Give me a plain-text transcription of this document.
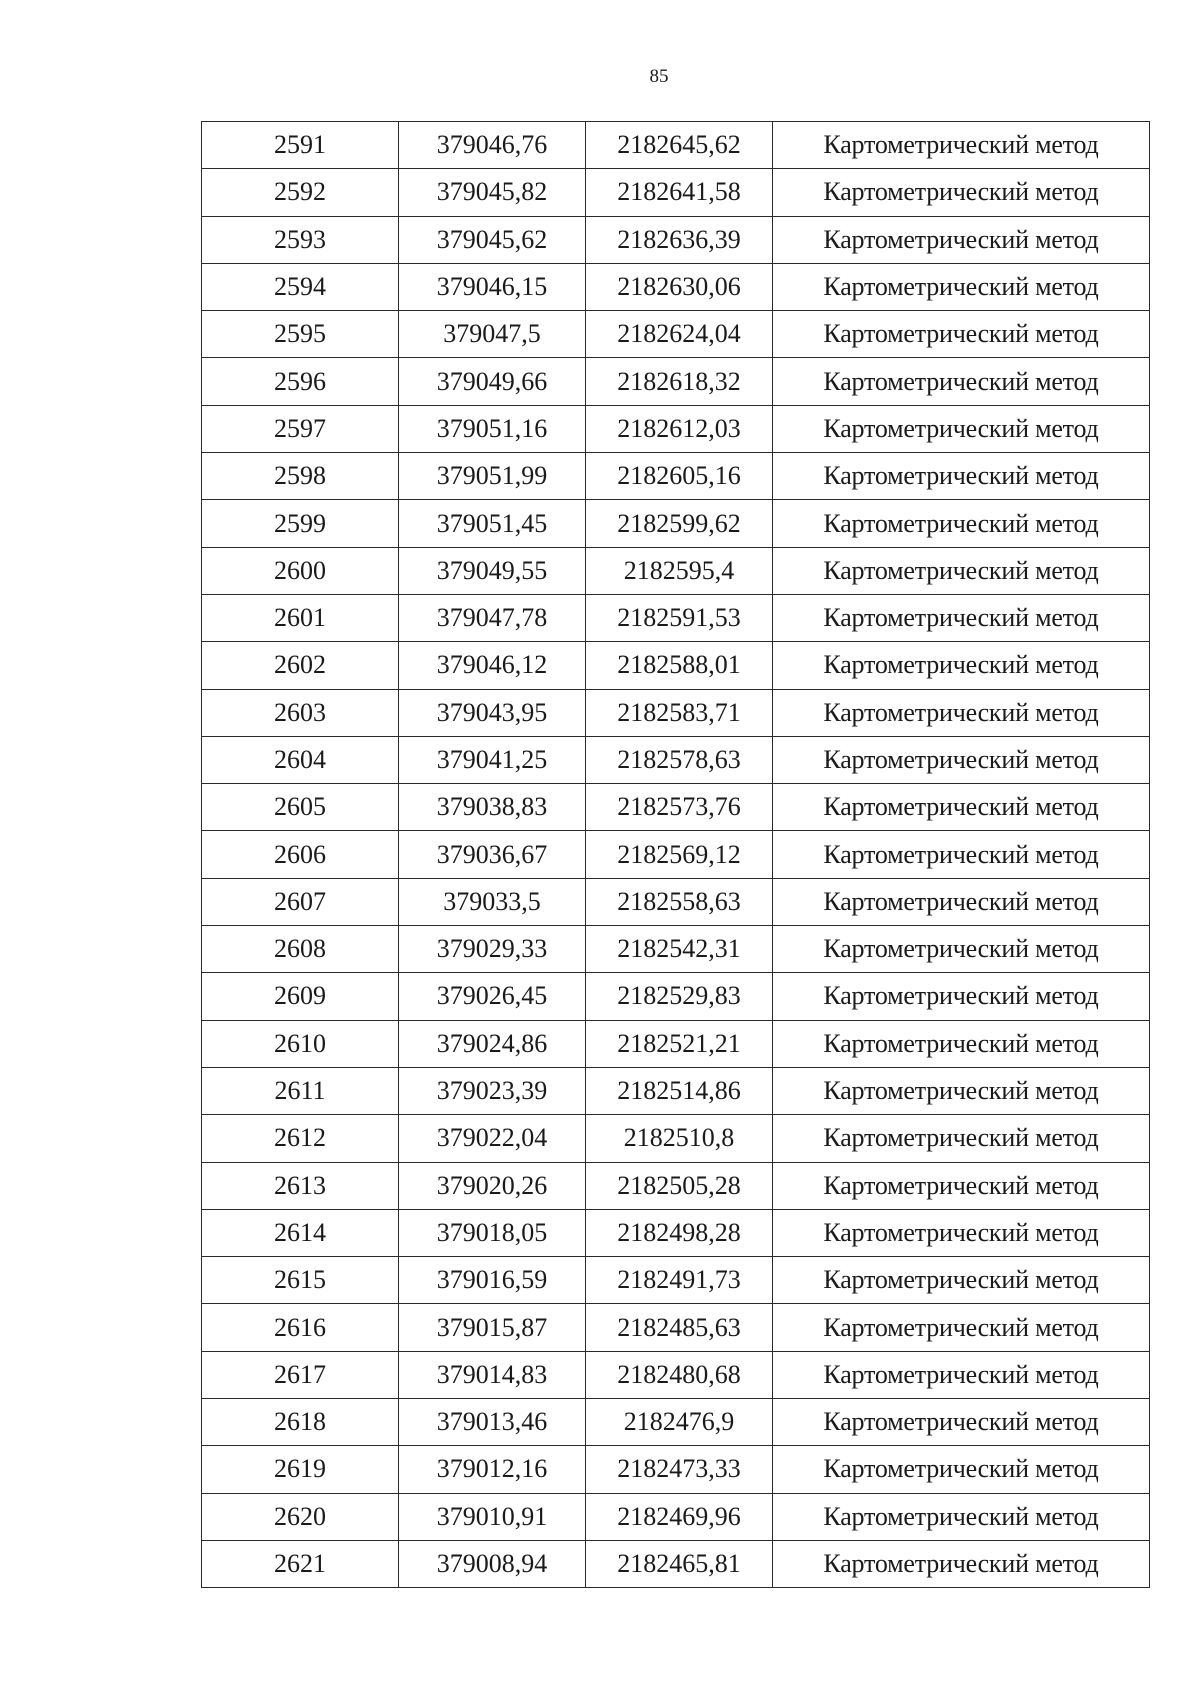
85
2591	379046,76	2182645,62	Картометрический метод
2592	379045,82	2182641,58	Картометрический метод
2593	379045,62	2182636,39	Картометрический метод
2594	379046,15	2182630,06	Картометрический метод
2595	379047,5	2182624,04	Картометрический метод
2596	379049,66	2182618,32	Картометрический метод
2597	379051,16	2182612,03	Картометрический метод
2598	379051,99	2182605,16	Картометрический метод
2599	379051,45	2182599,62	Картометрический метод
2600	379049,55	2182595,4	Картометрический метод
2601	379047,78	2182591,53	Картометрический метод
2602	379046,12	2182588,01	Картометрический метод
2603	379043,95	2182583,71	Картометрический метод
2604	379041,25	2182578,63	Картометрический метод
2605	379038,83	2182573,76	Картометрический метод
2606	379036,67	2182569,12	Картометрический метод
2607	379033,5	2182558,63	Картометрический метод
2608	379029,33	2182542,31	Картометрический метод
2609	379026,45	2182529,83	Картометрический метод
2610	379024,86	2182521,21	Картометрический метод
2611	379023,39	2182514,86	Картометрический метод
2612	379022,04	2182510,8	Картометрический метод
2613	379020,26	2182505,28	Картометрический метод
2614	379018,05	2182498,28	Картометрический метод
2615	379016,59	2182491,73	Картометрический метод
2616	379015,87	2182485,63	Картометрический метод
2617	379014,83	2182480,68	Картометрический метод
2618	379013,46	2182476,9	Картометрический метод
2619	379012,16	2182473,33	Картометрический метод
2620	379010,91	2182469,96	Картометрический метод
2621	379008,94	2182465,81	Картометрический метод
